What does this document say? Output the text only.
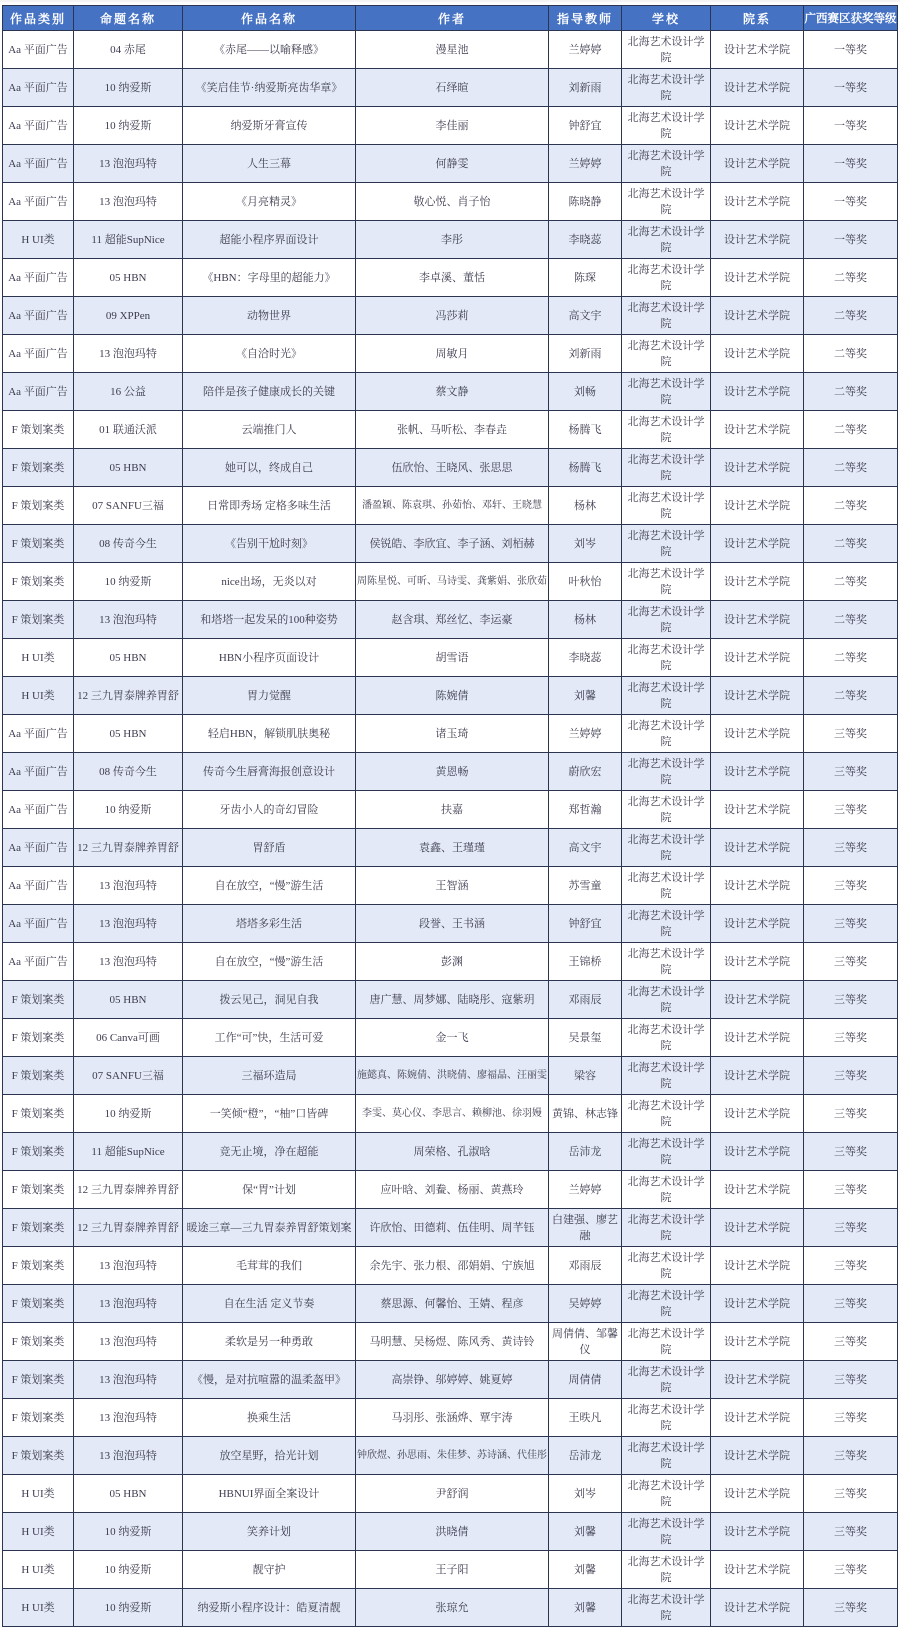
作品类别	命题名称	作品名称	作者	指导教师	学校	院系	广西赛区获奖等级
Aa 平面广告	04 赤尾	《赤尾——以喻释感》	漫星池	兰婷婷	北海艺术设计学院	设计艺术学院	一等奖
Aa 平面广告	10 纳爱斯	《笑启佳节·纳爱斯亮齿华章》	石绎暄	刘新雨	北海艺术设计学院	设计艺术学院	一等奖
Aa 平面广告	10 纳爱斯	纳爱斯牙膏宣传	李佳丽	钟舒宜	北海艺术设计学院	设计艺术学院	一等奖
Aa 平面广告	13 泡泡玛特	人生三幕	何静雯	兰婷婷	北海艺术设计学院	设计艺术学院	一等奖
Aa 平面广告	13 泡泡玛特	《月亮精灵》	敬心悦、肖子怡	陈晓静	北海艺术设计学院	设计艺术学院	一等奖
H UI类	11 超能SupNice	超能小程序界面设计	李彤	李晓蕊	北海艺术设计学院	设计艺术学院	一等奖
Aa 平面广告	05 HBN	《HBN：字母里的超能力》	李卓溪、董恬	陈琛	北海艺术设计学院	设计艺术学院	二等奖
Aa 平面广告	09 XPPen	动物世界	冯莎莉	高文宇	北海艺术设计学院	设计艺术学院	二等奖
Aa 平面广告	13 泡泡玛特	《自洽时光》	周敏月	刘新雨	北海艺术设计学院	设计艺术学院	二等奖
Aa 平面广告	16 公益	陪伴是孩子健康成长的关键	蔡文静	刘畅	北海艺术设计学院	设计艺术学院	二等奖
F 策划案类	01 联通沃派	云端推门人	张帆、马听松、李春垚	杨腾飞	北海艺术设计学院	设计艺术学院	二等奖
F 策划案类	05 HBN	她可以，终成自己	伍欣怡、王晓风、张思思	杨腾飞	北海艺术设计学院	设计艺术学院	二等奖
F 策划案类	07 SANFU三福	日常即秀场 定格多味生活	潘盈颖、陈袁琪、孙茹怡、邓轩、王晓慧	杨林	北海艺术设计学院	设计艺术学院	二等奖
F 策划案类	08 传奇今生	《告别干尬时刻》	侯锐皓、李欣宜、李子涵、刘栢赫	刘岑	北海艺术设计学院	设计艺术学院	二等奖
F 策划案类	10 纳爱斯	nice出场，无炎以对	周陈星悦、可昕、马诗雯、龚紫娟、张欣茹	叶秋怡	北海艺术设计学院	设计艺术学院	二等奖
F 策划案类	13 泡泡玛特	和塔塔一起发呆的100种姿势	赵含琪、郑丝忆、李运豪	杨林	北海艺术设计学院	设计艺术学院	二等奖
H UI类	05 HBN	HBN小程序页面设计	胡雪语	李晓蕊	北海艺术设计学院	设计艺术学院	二等奖
H UI类	12 三九胃泰牌养胃舒	胃力觉醒	陈婉倩	刘馨	北海艺术设计学院	设计艺术学院	二等奖
Aa 平面广告	05 HBN	轻启HBN，解锁肌肤奥秘	诸玉琦	兰婷婷	北海艺术设计学院	设计艺术学院	三等奖
Aa 平面广告	08 传奇今生	传奇今生唇膏海报创意设计	黄恩畅	蔚欣宏	北海艺术设计学院	设计艺术学院	三等奖
Aa 平面广告	10 纳爱斯	牙齿小人的奇幻冒险	扶嘉	郑哲瀚	北海艺术设计学院	设计艺术学院	三等奖
Aa 平面广告	12 三九胃泰牌养胃舒	胃舒盾	袁鑫、王瑾瑾	高文宇	北海艺术设计学院	设计艺术学院	三等奖
Aa 平面广告	13 泡泡玛特	自在放空，“慢”游生活	王智涵	苏雪童	北海艺术设计学院	设计艺术学院	三等奖
Aa 平面广告	13 泡泡玛特	塔塔多彩生活	段誉、王书涵	钟舒宜	北海艺术设计学院	设计艺术学院	三等奖
Aa 平面广告	13 泡泡玛特	自在放空，“慢”游生活	彭渊	王锦桥	北海艺术设计学院	设计艺术学院	三等奖
F 策划案类	05 HBN	拨云见己，洞见自我	唐广慧、周梦娜、陆晓彤、寇紫玥	邓雨辰	北海艺术设计学院	设计艺术学院	三等奖
F 策划案类	06 Canva可画	工作“可”快，生活可爱	金一飞	吴景玺	北海艺术设计学院	设计艺术学院	三等奖
F 策划案类	07 SANFU三福	三福环造局	施懿真、陈婉倩、洪晓倩、廖福晶、汪丽雯	梁容	北海艺术设计学院	设计艺术学院	三等奖
F 策划案类	10 纳爱斯	一笑倾“橙”，“柚”口皆碑	李雯、莫心仪、李思言、赖柳池、徐羽嫚	黄锦、林志锋	北海艺术设计学院	设计艺术学院	三等奖
F 策划案类	11 超能SupNice	竞无止境，净在超能	周荣格、孔淑晗	岳沛龙	北海艺术设计学院	设计艺术学院	三等奖
F 策划案类	12 三九胃泰牌养胃舒	保“胃”计划	应叶晗、刘鲞、杨丽、黄燕玲	兰婷婷	北海艺术设计学院	设计艺术学院	三等奖
F 策划案类	12 三九胃泰牌养胃舒	暖途三章—三九胃泰养胃舒策划案	许欣怡、田德莉、伍佳明、周芊钰	白建强、廖艺融	北海艺术设计学院	设计艺术学院	三等奖
F 策划案类	13 泡泡玛特	毛茸茸的我们	余先宇、张力根、邵娟娟、宁族旭	邓雨辰	北海艺术设计学院	设计艺术学院	三等奖
F 策划案类	13 泡泡玛特	自在生活 定义节奏	蔡思源、何馨怡、王婧、程彦	吴婷婷	北海艺术设计学院	设计艺术学院	三等奖
F 策划案类	13 泡泡玛特	柔软是另一种勇敢	马明慧、吴杨煜、陈风秀、黄诗铃	周倩倩、邹馨仪	北海艺术设计学院	设计艺术学院	三等奖
F 策划案类	13 泡泡玛特	《慢，是对抗喧嚣的温柔盔甲》	高崇铮、邬婷婷、姚夏婷	周倩倩	北海艺术设计学院	设计艺术学院	三等奖
F 策划案类	13 泡泡玛特	换乘生活	马羽彤、张涵烨、覃宇涛	王昳凡	北海艺术设计学院	设计艺术学院	三等奖
F 策划案类	13 泡泡玛特	放空星野，拾光计划	钟欣煜、孙思雨、朱佳梦、苏诗涵、代佳彤	岳沛龙	北海艺术设计学院	设计艺术学院	三等奖
H UI类	05 HBN	HBNUI界面全案设计	尹舒润	刘岑	北海艺术设计学院	设计艺术学院	三等奖
H UI类	10 纳爱斯	笑养计划	洪晓倩	刘馨	北海艺术设计学院	设计艺术学院	三等奖
H UI类	10 纳爱斯	靓守护	王子阳	刘馨	北海艺术设计学院	设计艺术学院	三等奖
H UI类	10 纳爱斯	纳爱斯小程序设计：皓夏清靓	张琼允	刘馨	北海艺术设计学院	设计艺术学院	三等奖
